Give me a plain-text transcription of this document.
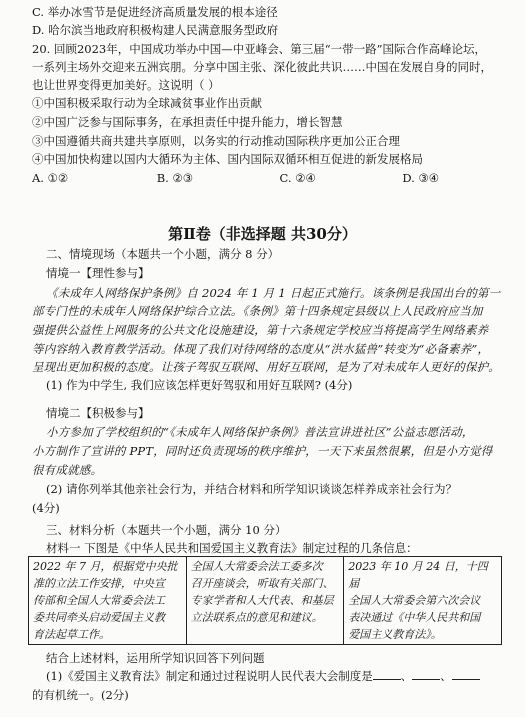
C. 举办冰雪节是促进经济高质量发展的根本途径
D. 哈尔滨当地政府积极构建人民满意服务型政府
20. 回顾2023年，中国成功举办中国—中亚峰会、第三届“一带一路”国际合作高峰论坛，
一系列主场外交迎来五洲宾朋。分享中国主张、深化彼此共识……中国在发展自身的同时，
也让世界变得更加美好。这说明（ ）
①中国积极采取行动为全球减贫事业作出贡献
②中国广泛参与国际事务，在承担责任中提升能力，增长智慧
③中国遵循共商共建共享原则，以务实的行动推动国际秩序更加公正合理
④中国加快构建以国内大循环为主体、国内国际双循环相互促进的新发展格局
A. ①②	B. ②③	C. ②④	D. ③④
第Ⅱ卷（非选择题 共30分）
二、情境现场（本题共一个小题，满分 8 分）
情境一【理性参与】
《未成年人网络保护条例》自 2024 年 1 月 1 日起正式施行。该条例是我国出台的第一
部专门性的未成年人网络保护综合立法。《条例》第十四条规定县级以上人民政府应当加
强提供公益性上网服务的公共文化设施建设，第十六条规定学校应当将提高学生网络素养
等内容纳入教育教学活动。体现了我们对待网络的态度从“洪水猛兽”转变为“必备素养”，
呈现出更加积极的态度。让孩子驾驭互联网、用好互联网，是为了对未成年人更好的保护。
(1) 作为中学生, 我们应该怎样更好驾驭和用好互联网? (4分)
情境二【积极参与】
小方参加了学校组织的“《未成年人网络保护条例》普法宣讲进社区”公益志愿活动，
小方制作了宣讲的 PPT，同时还负责现场的秩序维护，一天下来虽然很累，但是小方觉得
很有成就感。
(2) 请你列举其他亲社会行为，并结合材料和所学知识谈谈怎样养成亲社会行为？
(4分)
三、材料分析（本题共一个小题，满分 10 分）
材料一 下图是《中华人民共和国爱国主义教育法》制定过程的几条信息：
2022 年 7 月，根据党中央批
准的立法工作安排，中央宣
传部和全国人大常委会法工
委共同牵头启动爱国主义教
育法起草工作。

全国人大常委会法工委多次
召开座谈会，听取有关部门、
专家学者和人大代表、和基层
立法联系点的意见和建议。

2023 年 10 月 24 日，十四届
全国人大常委会第六次会议
表决通过《中华人民共和国
爱国主义教育法》。
结合上述材料，运用所学知识回答下列问题
(1)《爱国主义教育法》制定和通过过程说明人民代表大会制度是 、 、
的有机统一。(2分)
